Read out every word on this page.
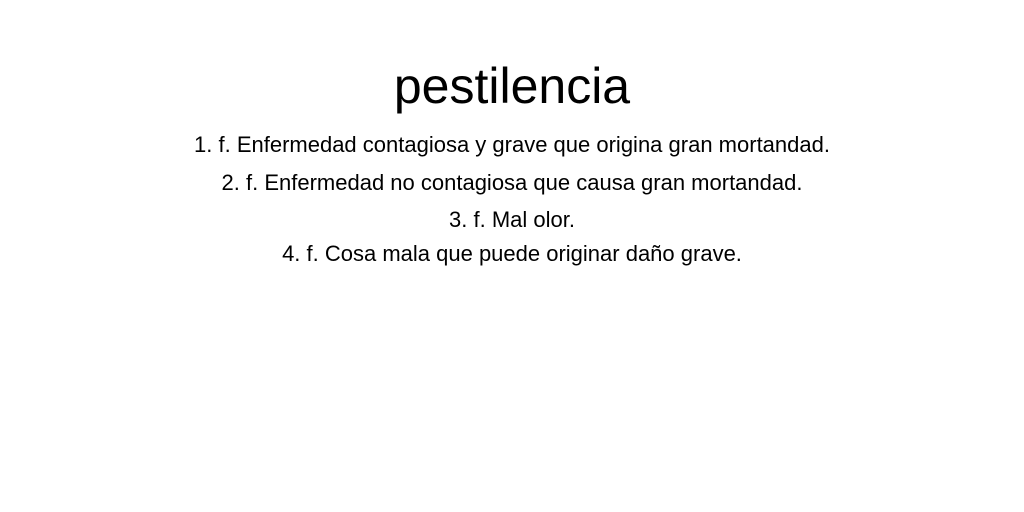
pestilencia
1. f. Enfermedad contagiosa y grave que origina gran mortandad.
2. f. Enfermedad no contagiosa que causa gran mortandad.
3. f. Mal olor.
4. f. Cosa mala que puede originar daño grave.
